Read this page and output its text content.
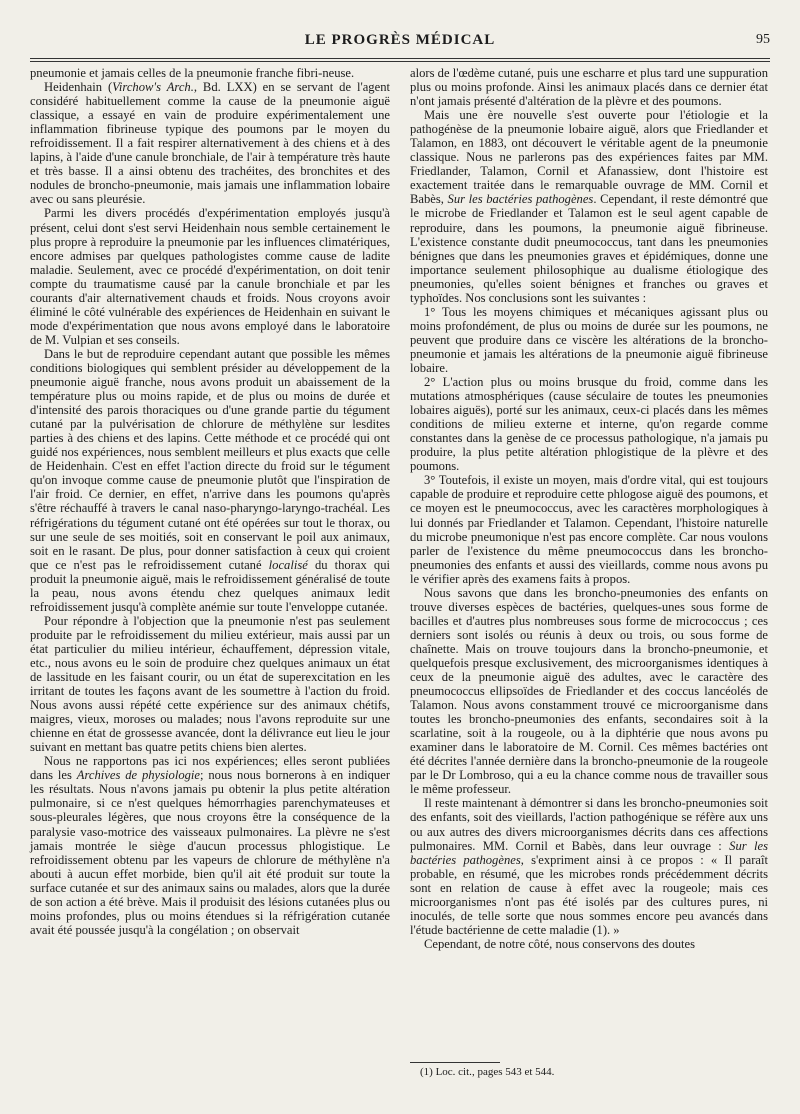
LE PROGRÈS MÉDICAL	95

pneumonie et jamais celles de la pneumonie franche fibri-neuse.

Heidenhain (Virchow's Arch., Bd. LXX) en se servant de l'agent considéré habituellement comme la cause de la pneumonie aiguë classique, a essayé en vain de produire expérimentalement une inflammation fibrineuse typique des poumons par le moyen du refroidissement. Il a fait respirer alternativement à des chiens et à des lapins, à l'aide d'une canule bronchiale, de l'air à température très haute et très basse. Il a ainsi obtenu des trachéites, des bronchites et des nodules de broncho-pneumonie, mais jamais une inflammation lobaire avec ou sans pleurésie.

Parmi les divers procédés d'expérimentation employés jusqu'à présent, celui dont s'est servi Heidenhain nous semble certainement le plus propre à reproduire la pneumonie par les influences climatériques, encore admises par quelques pathologistes comme cause de ladite maladie. Seulement, avec ce procédé d'expérimentation, on doit tenir compte du traumatisme causé par la canule bronchiale et par les courants d'air alternativement chauds et froids. Nous croyons avoir éliminé le côté vulnérable des expériences de Heidenhain en suivant le mode d'expérimentation que nous avons employé dans le laboratoire de M. Vulpian et ses conseils.

Dans le but de reproduire cependant autant que possible les mêmes conditions biologiques qui semblent présider au développement de la pneumonie aiguë franche, nous avons produit un abaissement de la température plus ou moins rapide, et de plus ou moins de durée et d'intensité des parois thoraciques ou d'une grande partie du tégument cutané par la pulvérisation de chlorure de méthylène sur lesdites parties à des chiens et des lapins. Cette méthode et ce procédé qui ont guidé nos expériences, nous semblent meilleurs et plus exacts que celle de Heidenhain. C'est en effet l'action directe du froid sur le tégument qu'on invoque comme cause de pneumonie plutôt que l'inspiration de l'air froid. Ce dernier, en effet, n'arrive dans les poumons qu'après s'être réchauffé à travers le canal naso-pharyngo-laryngo-trachéal. Les réfrigérations du tégument cutané ont été opérées sur tout le thorax, ou sur une seule de ses moitiés, soit en conservant le poil aux animaux, soit en le rasant. De plus, pour donner satisfaction à ceux qui croient que ce n'est pas le refroidissement cutané localisé du thorax qui produit la pneumonie aiguë, mais le refroidissement généralisé de toute la peau, nous avons étendu chez quelques animaux ledit refroidissement jusqu'à complète anémie sur toute l'enveloppe cutanée.

Pour répondre à l'objection que la pneumonie n'est pas seulement produite par le refroidissement du milieu extérieur, mais aussi par un état particulier du milieu intérieur, échauffement, dépression vitale, etc., nous avons eu le soin de produire chez quelques animaux un état de lassitude en les faisant courir, ou un état de superexcitation en les irritant de toutes les façons avant de les soumettre à l'action du froid. Nous avons aussi répété cette expérience sur des animaux chétifs, maigres, vieux, moroses ou malades; nous l'avons reproduite sur une chienne en état de grossesse avancée, dont la délivrance eut lieu le jour suivant en mettant bas quatre petits chiens bien alertes.

Nous ne rapportons pas ici nos expériences; elles seront publiées dans les Archives de physiologie; nous nous bornerons à en indiquer les résultats. Nous n'avons jamais pu obtenir la plus petite altération pulmonaire, si ce n'est quelques hémorrhagies parenchymateuses et sous-pleurales légères, que nous croyons être la conséquence de la paralysie vaso-motrice des vaisseaux pulmonaires. La plèvre ne s'est jamais montrée le siège d'aucun processus phlogistique. Le refroidissement obtenu par les vapeurs de chlorure de méthylène n'a abouti à aucun effet morbide, bien qu'il ait été produit sur toute la surface cutanée et sur des animaux sains ou malades, alors que la durée de son action a été brève. Mais il produisit des lésions cutanées plus ou moins profondes, plus ou moins étendues si la réfrigération cutanée avait été poussée jusqu'à la congélation ; on observait

alors de l'œdème cutané, puis une escharre et plus tard une suppuration plus ou moins profonde. Ainsi les animaux placés dans ce dernier état n'ont jamais présenté d'altération de la plèvre et des poumons.

Mais une ère nouvelle s'est ouverte pour l'étiologie et la pathogénèse de la pneumonie lobaire aiguë, alors que Friedlander et Talamon, en 1883, ont découvert le véritable agent de la pneumonie classique. Nous ne parlerons pas des expériences faites par MM. Friedlander, Talamon, Cornil et Afanassiew, dont l'histoire est exactement traitée dans le remarquable ouvrage de MM. Cornil et Babès, Sur les bactéries pathogènes. Cependant, il reste démontré que le microbe de Friedlander et Talamon est le seul agent capable de reproduire, dans les poumons, la pneumonie aiguë fibrineuse. L'existence constante dudit pneumococcus, tant dans les pneumonies bénignes que dans les pneumonies graves et épidémiques, donne une importance seulement philosophique au dualisme étiologique des pneumonies, qu'elles soient bénignes et franches ou graves et typhoïdes. Nos conclusions sont les suivantes :

1° Tous les moyens chimiques et mécaniques agissant plus ou moins profondément, de plus ou moins de durée sur les poumons, ne peuvent que produire dans ce viscère les altérations de la broncho-pneumonie et jamais les altérations de la pneumonie aiguë fibrineuse lobaire.

2° L'action plus ou moins brusque du froid, comme dans les mutations atmosphériques (cause séculaire de toutes les pneumonies lobaires aiguës), porté sur les animaux, ceux-ci placés dans les mêmes conditions de milieu externe et interne, qu'on regarde comme constantes dans la genèse de ce processus pathologique, n'a jamais pu produire, la plus petite altération phlogistique de la plèvre et des poumons.

3° Toutefois, il existe un moyen, mais d'ordre vital, qui est toujours capable de produire et reproduire cette phlogose aiguë des poumons, et ce moyen est le pneumococcus, avec les caractères morphologiques à lui donnés par Friedlander et Talamon. Cependant, l'histoire naturelle du microbe pneumonique n'est pas encore complète. Car nous voulons parler de l'existence du même pneumococcus dans les broncho-pneumonies des enfants et aussi des vieillards, comme nous avons pu le vérifier après des examens faits à propos.

Nous savons que dans les broncho-pneumonies des enfants on trouve diverses espèces de bactéries, quelques-unes sous forme de bacilles et d'autres plus nombreuses sous forme de micrococcus ; ces derniers sont isolés ou réunis à deux ou trois, ou sous forme de chaînette. Mais on trouve toujours dans la broncho-pneumonie, et quelquefois presque exclusivement, des microorganismes identiques à ceux de la pneumonie aiguë des adultes, avec le caractère des pneumococcus ellipsoïdes de Friedlander et des coccus lancéolés de Talamon. Nous avons constamment trouvé ce microorganisme dans toutes les broncho-pneumonies des enfants, secondaires soit à la scarlatine, soit à la rougeole, ou à la diphtérie que nous avons pu examiner dans le laboratoire de M. Cornil. Ces mêmes bactéries ont été décrites l'année dernière dans la broncho-pneumonie de la rougeole par le Dr Lombroso, qui a eu la chance comme nous de travailler sous le même professeur.

Il reste maintenant à démontrer si dans les broncho-pneumonies soit des enfants, soit des vieillards, l'action pathogénique se réfère aux uns ou aux autres des divers microorganismes décrits dans ces affections pulmonaires. MM. Cornil et Babès, dans leur ouvrage : Sur les bactéries pathogènes, s'expriment ainsi à ce propos : « Il paraît probable, en résumé, que les microbes ronds précédemment décrits sont en relation de cause à effet avec la rougeole; mais ces microorganismes n'ont pas été isolés par des cultures pures, ni inoculés, de telle sorte que nous sommes encore peu avancés dans l'étude bactérienne de cette maladie (1). »

Cependant, de notre côté, nous conservons des doutes

(1) Loc. cit., pages 543 et 544.
